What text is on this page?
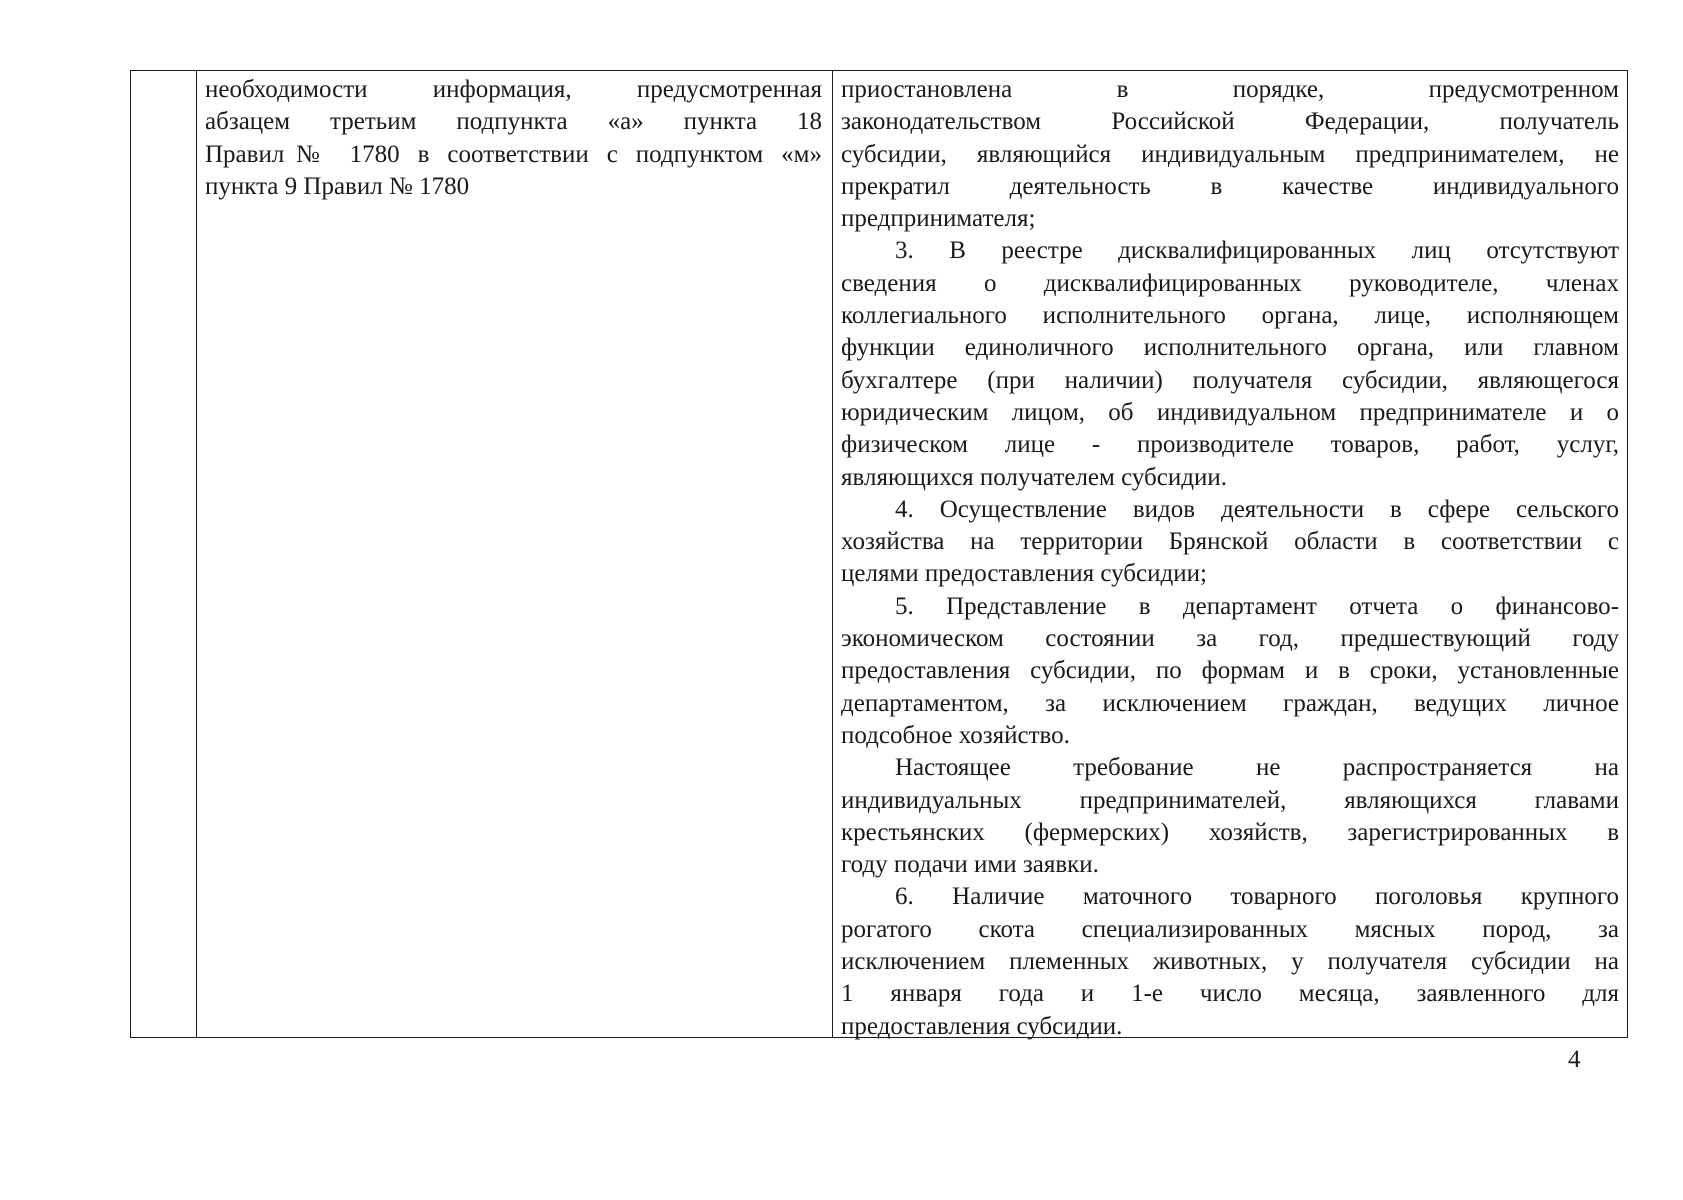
необходимости информация, предусмотренная
абзацем третьим подпункта «а» пункта 18
Правил№ 1780 в соответствии с подпунктом «м»
пункта 9 Правил № 1780
приостановлена в порядке, предусмотренном
законодательством Российской Федерации, получатель
субсидии, являющийся индивидуальным предпринимателем, не
прекратил деятельность в качестве индивидуального
предпринимателя;
3. В реестре дисквалифицированных лиц отсутствуют
сведения о дисквалифицированных руководителе, членах
коллегиального исполнительного органа, лице, исполняющем
функции единоличного исполнительного органа, или главном
бухгалтере (при наличии) получателя субсидии, являющегося
юридическим лицом, об индивидуальном предпринимателе и о
физическом лице - производителе товаров, работ, услуг,
являющихся получателем субсидии.
4. Осуществление видов деятельности в сфере сельского
хозяйства на территории Брянской области в соответствии с
целями предоставления субсидии;
5. Представление в департамент отчета о финансово-
экономическом состоянии за год, предшествующий году
предоставления субсидии, по формам и в сроки, установленные
департаментом, за исключением граждан, ведущих личное
подсобное хозяйство.
Настоящее требование не распространяется на
индивидуальных предпринимателей, являющихся главами
крестьянских (фермерских) хозяйств, зарегистрированных в
году подачи ими заявки.
6. Наличие маточного товарного поголовья крупного
рогатого скота специализированных мясных пород, за
исключением племенных животных, у получателя субсидии на
1 января года и 1-е число месяца, заявленного для
предоставления субсидии.
4
